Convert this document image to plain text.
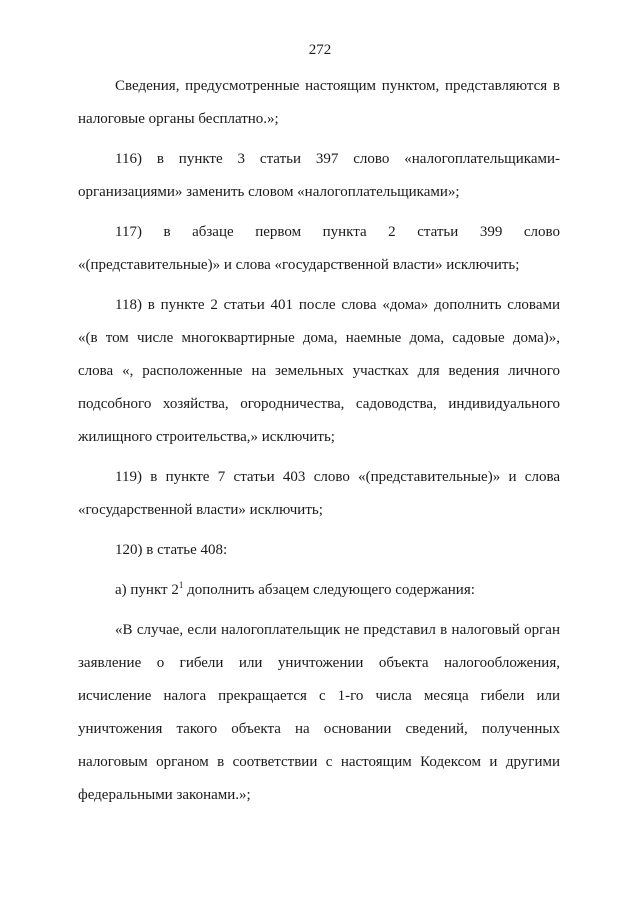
272

Сведения, предусмотренные настоящим пунктом, представляются в налоговые органы бесплатно.»;

116) в пункте 3 статьи 397 слово «налогоплательщиками-организациями» заменить словом «налогоплательщиками»;

117) в абзаце первом пункта 2 статьи 399 слово «(представительные)» и слова «государственной власти» исключить;

118) в пункте 2 статьи 401 после слова «дома» дополнить словами «(в том числе многоквартирные дома, наемные дома, садовые дома)», слова «, расположенные на земельных участках для ведения личного подсобного хозяйства, огородничества, садоводства, индивидуального жилищного строительства,» исключить;

119) в пункте 7 статьи 403 слово «(представительные)» и слова «государственной власти» исключить;

120) в статье 408:

а) пункт $2^1$ дополнить абзацем следующего содержания:

«В случае, если налогоплательщик не представил в налоговый орган заявление о гибели или уничтожении объекта налогообложения, исчисление налога прекращается с 1-го числа месяца гибели или уничтожения такого объекта на основании сведений, полученных налоговым органом в соответствии с настоящим Кодексом и другими федеральными законами.»;
